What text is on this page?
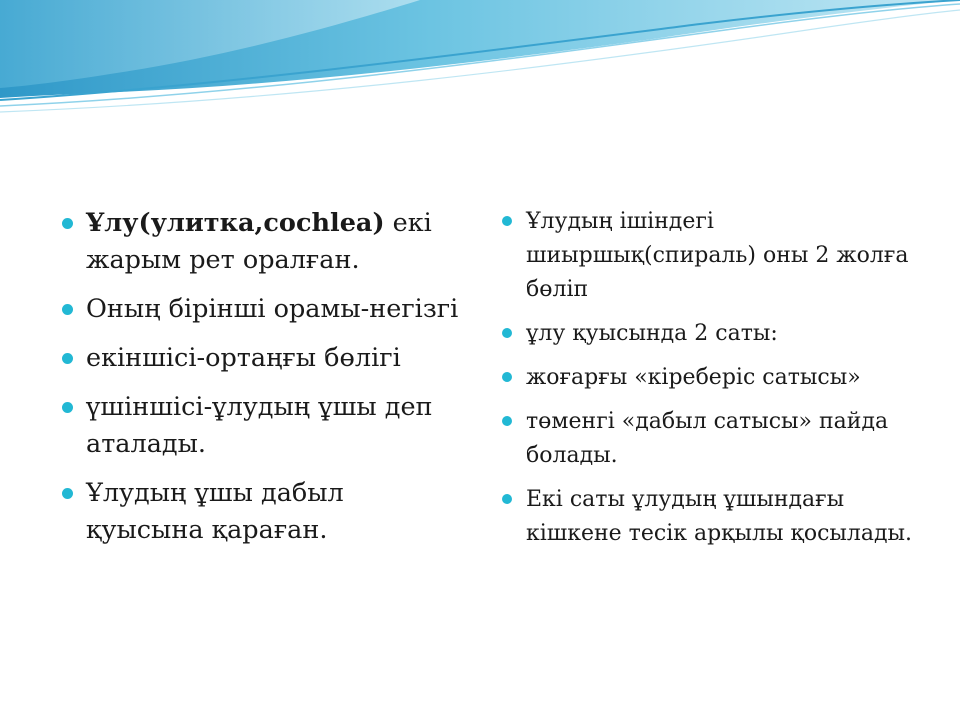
Ұлу(улитка,cochlea) екі жарым рет оралған.
Оның бірінші орамы-негізгі
екіншісі-ортаңғы бөлігі
үшіншісі-ұлудың ұшы деп аталады.
Ұлудың ұшы дабыл қуысына қараған.
Ұлудың ішіндегі шиыршық(спираль) оны 2 жолға бөліп
ұлу қуысында 2 саты:
жоғарғы «кіреберіс сатысы»
төменгі «дабыл сатысы» пайда болады.
Екі саты ұлудың ұшындағы кішкене тесік арқылы қосылады.
